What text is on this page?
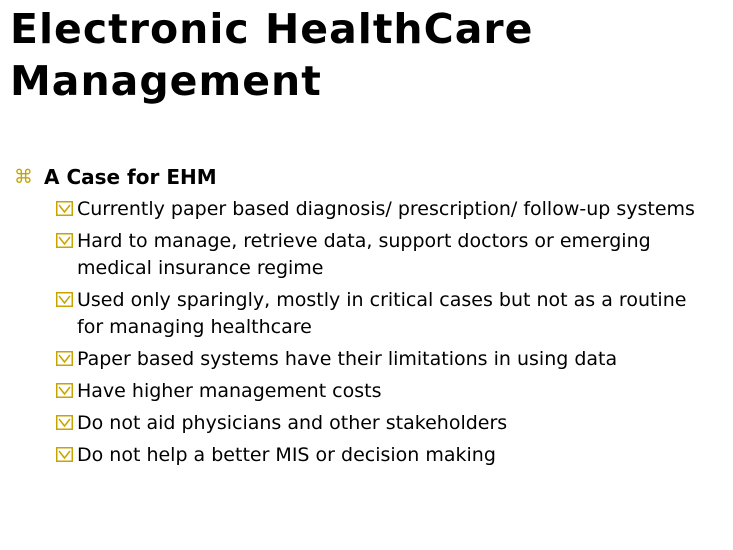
Electronic HealthCare Management
⌘ A Case for EHM
Currently paper based diagnosis/ prescription/ follow-up systems
Hard to manage, retrieve data, support doctors or emerging medical insurance regime
Used only sparingly, mostly in critical cases but not as a routine for managing healthcare
Paper based systems have their limitations in using data
Have higher management costs
Do not aid physicians and other stakeholders
Do not help a better MIS or decision making
